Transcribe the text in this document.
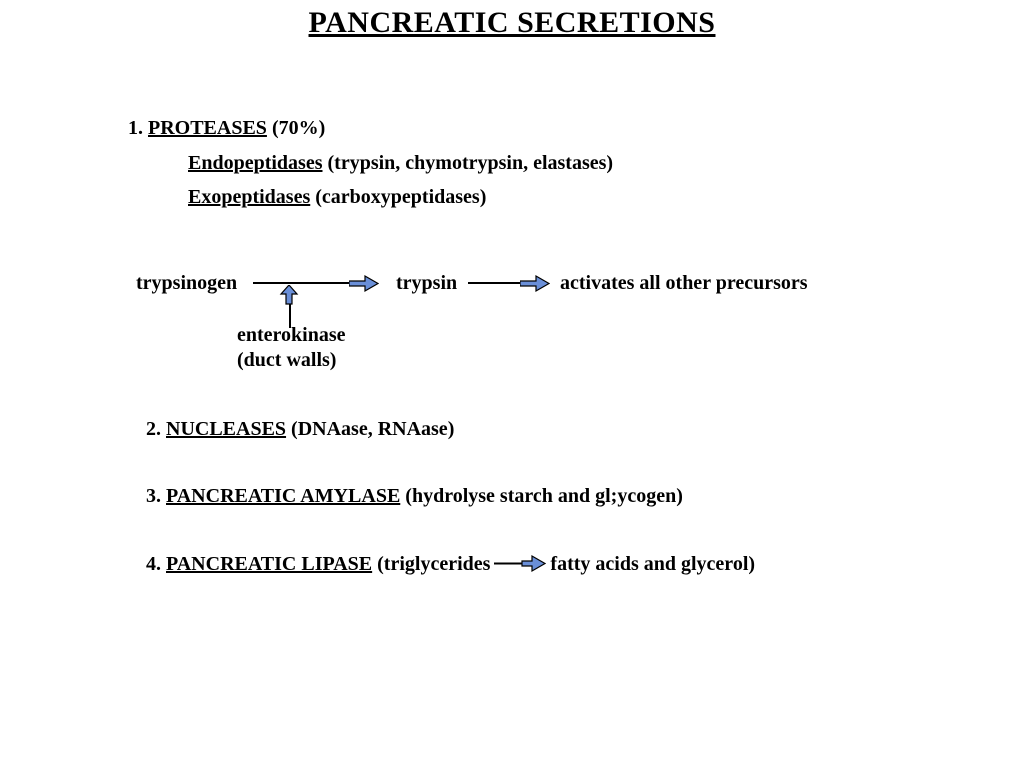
PANCREATIC SECRETIONS
1. PROTEASES (70%)
Endopeptidases (trypsin, chymotrypsin, elastases)
Exopeptidases (carboxypeptidases)
trypsinogen	trypsin	activates all other precursors
enterokinase
(duct walls)
2. NUCLEASES (DNAase, RNAase)
3. PANCREATIC AMYLASE (hydrolyse starch and gl;ycogen)
4. PANCREATIC LIPASE (triglycerides	fatty acids and glycerol)
